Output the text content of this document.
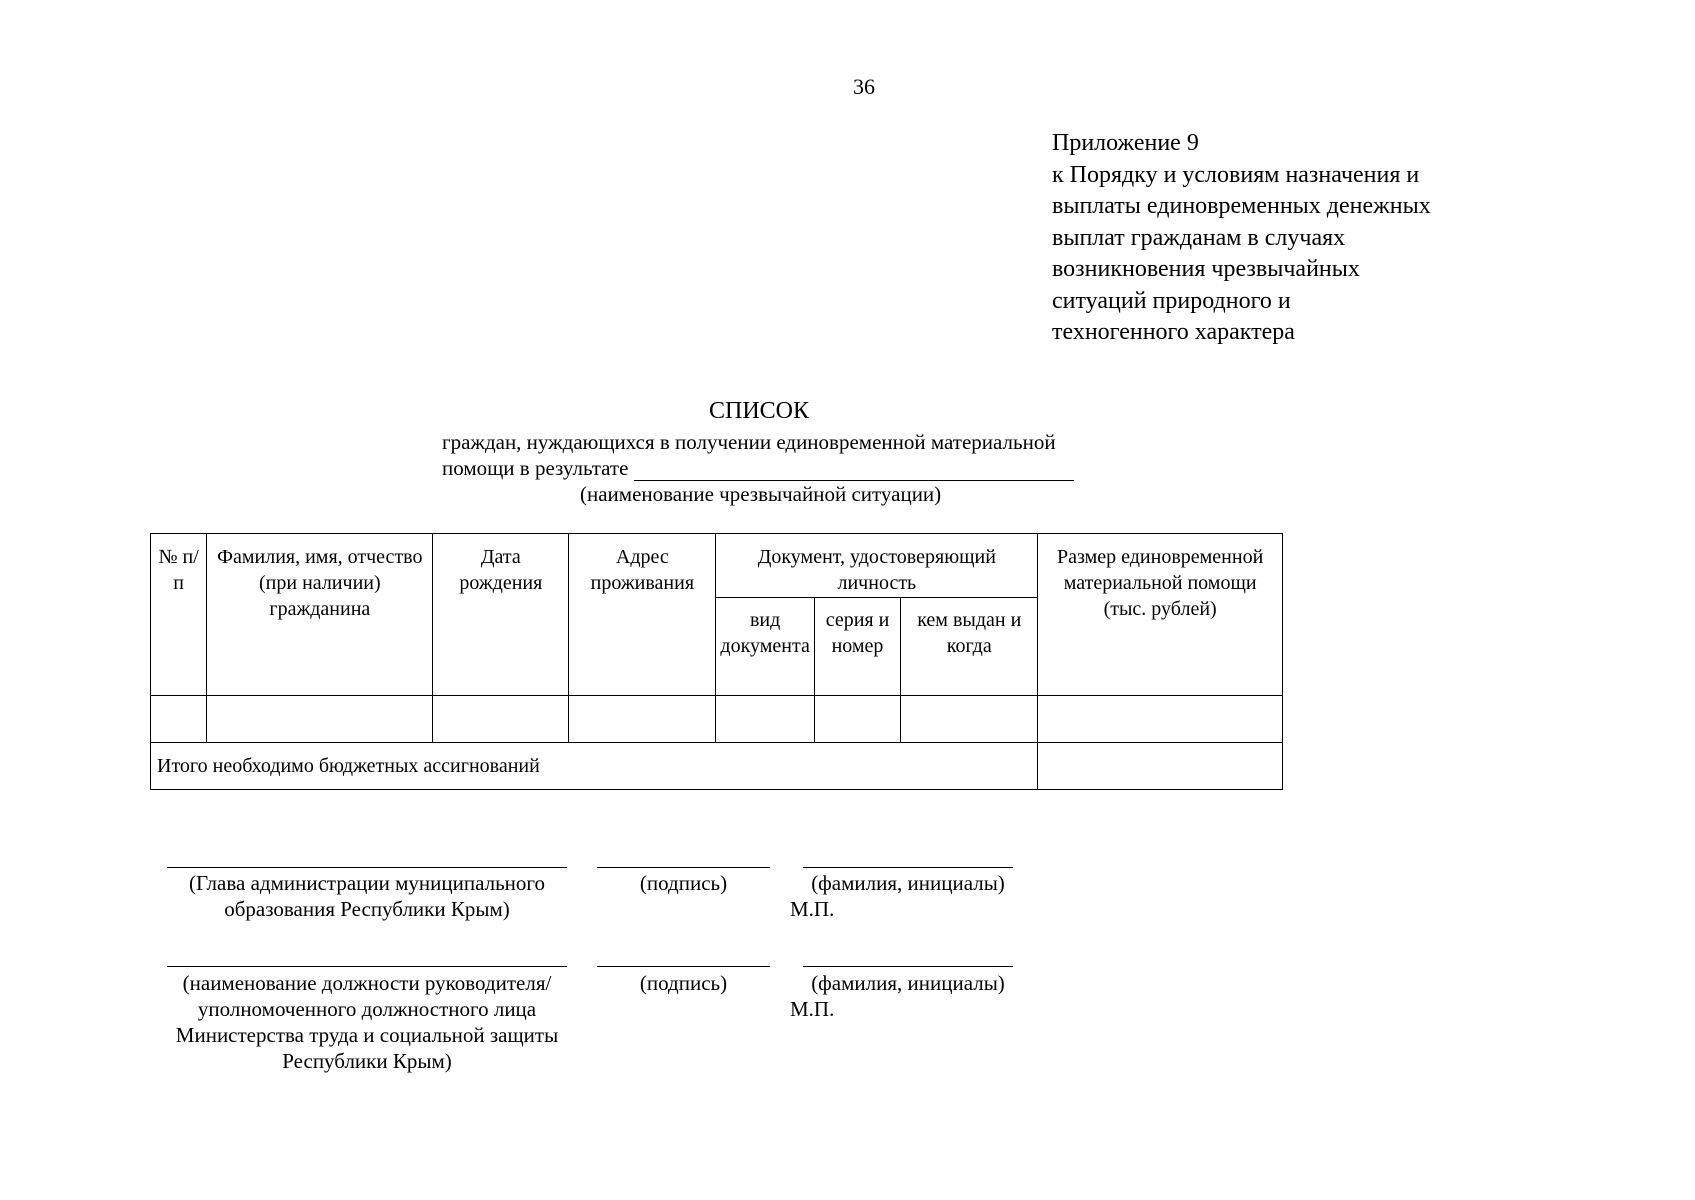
36
Приложение 9
к Порядку и условиям назначения и
выплаты единовременных денежных
выплат гражданам в случаях
возникновения чрезвычайных
ситуаций природного и
техногенного характера
СПИСОК
граждан, нуждающихся в получении единовременной материальной
помощи в результате
(наименование чрезвычайной ситуации)
№ п/п	Фамилия, имя, отчество (при наличии) гражданина	Дата рождения	Адрес проживания	Документ, удостоверяющий личность			Размер единовременной материальной помощи (тыс. рублей)
				вид документа	серия и номер	кем выдан и когда	

Итого необходимо бюджетных ассигнований							
(Глава администрации муниципального образования Республики Крым)
(подпись)	(фамилия, инициалы)
М.П.
(наименование должности руководителя/уполномоченного должностного лица Министерства труда и социальной защиты Республики Крым)
(подпись)	(фамилия, инициалы)
М.П.
